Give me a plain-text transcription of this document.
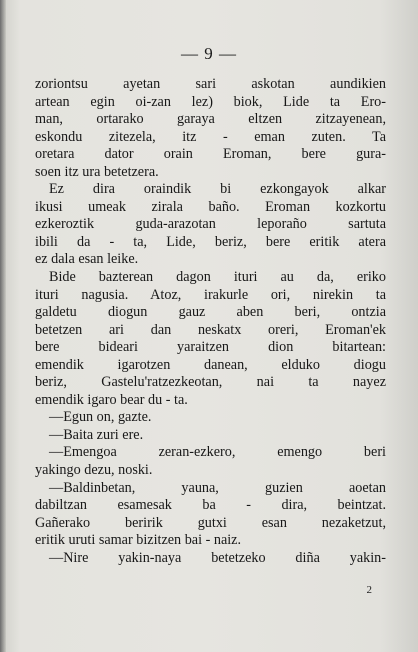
— 9 —
zoriontsu ayetan sari askotan aundikien
artean egin oi-zan lez) biok, Lide ta Ero-
man, ortarako garaya eltzen zitzayenean,
eskondu zitezela, itz - eman zuten. Ta
oretara dator orain Eroman, bere gura-
soen itz ura betetzera.
Ez dira oraindik bi ezkongayok alkar
ikusi umeak zirala baño. Eroman kozkortu
ezkeroztik guda-arazotan leporaño sartuta
ibili da - ta, Lide, beriz, bere eritik atera
ez dala esan leike.
Bide bazterean dagon ituri au da, eriko
ituri nagusia. Atoz, irakurle ori, nirekin ta
galdetu diogun gauz aben beri, ontzia
betetzen ari dan neskatx oreri, Eroman'ek
bere bideari yaraitzen dion bitartean:
emendik igarotzen danean, elduko diogu
beriz, Gastelu'ratzezkeotan, nai ta nayez
emendik igaro bear du - ta.
—Egun on, gazte.
—Baita zuri ere.
—Emengoa zeran-ezkero, emengo beri
yakingo dezu, noski.
—Baldinbetan, yauna, guzien aoetan
dabiltzan esamesak ba - dira, beintzat.
Gañerako beririk gutxi esan nezaketzut,
eritik uruti samar bizitzen bai - naiz.
—Nire yakin-naya betetzeko diña yakin-
2
